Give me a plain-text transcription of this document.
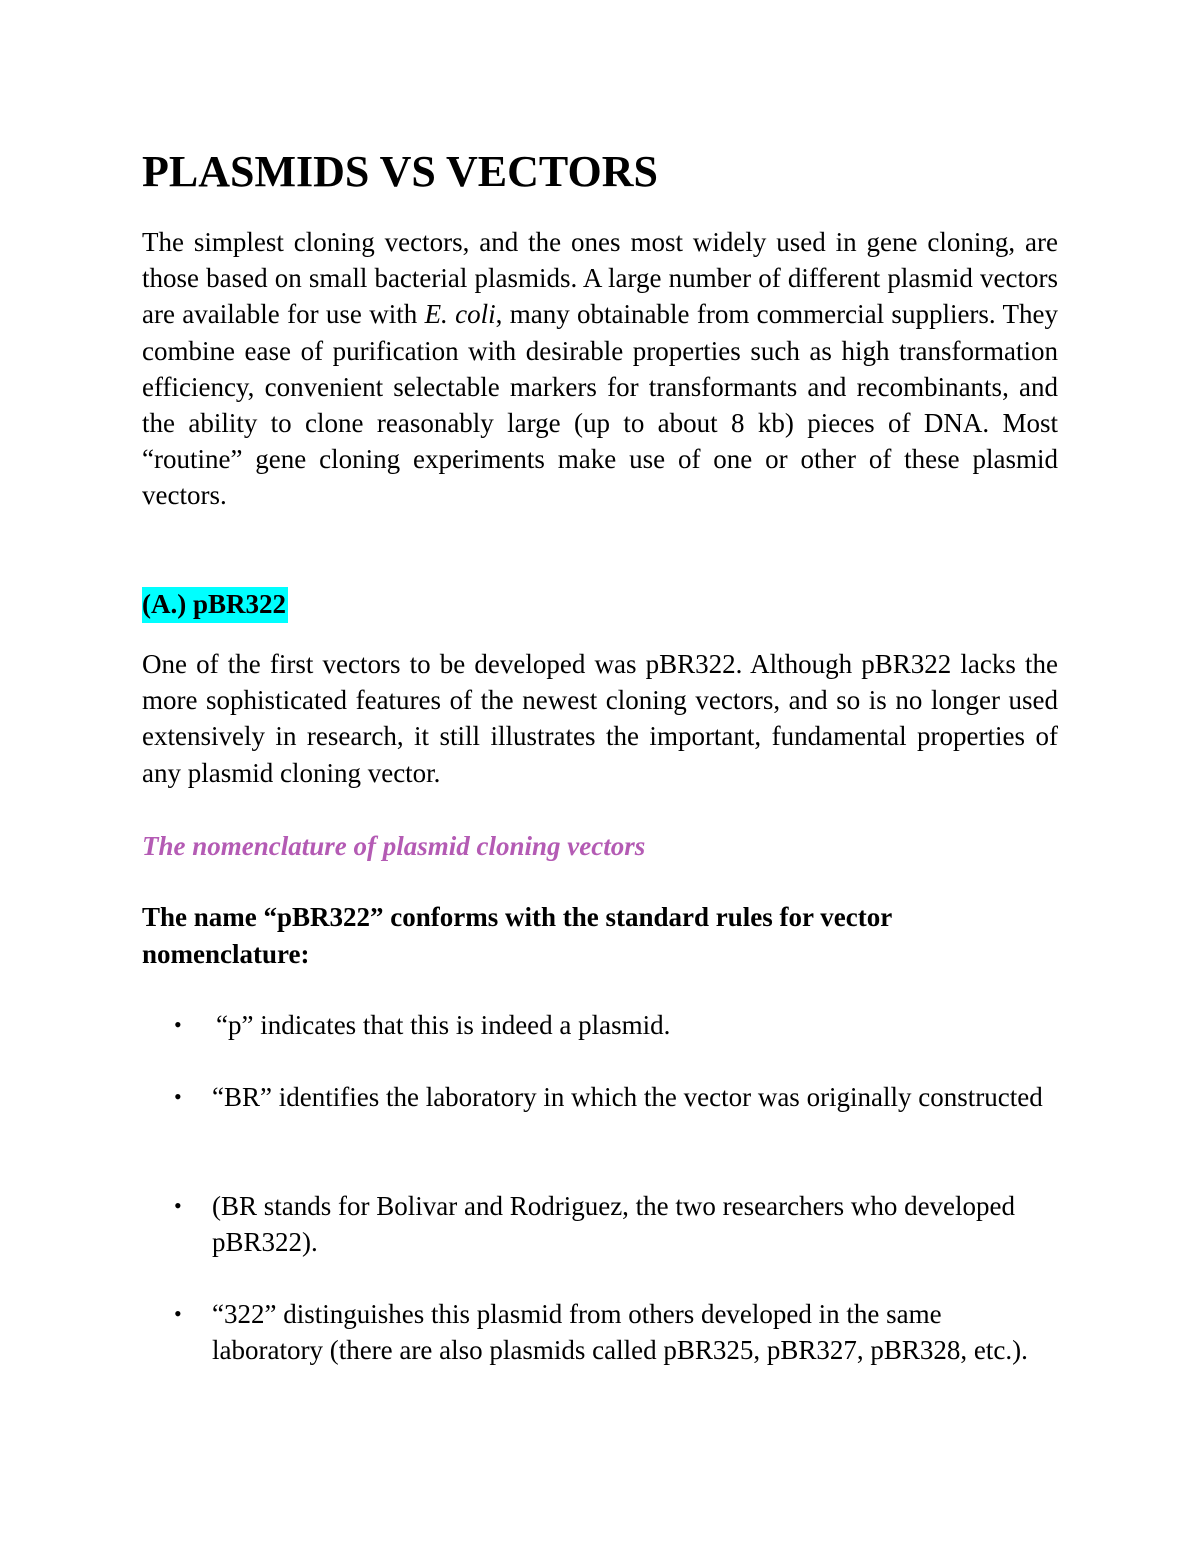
PLASMIDS VS VECTORS

The simplest cloning vectors, and the ones most widely used in gene cloning, are those based on small bacterial plasmids. A large number of different plasmid vectors are available for use with E. coli, many obtainable from commercial suppliers. They combine ease of purification with desirable properties such as high transformation efficiency, convenient selectable markers for transformants and recombinants, and the ability to clone reasonably large (up to about 8 kb) pieces of DNA. Most “routine” gene cloning experiments make use of one or other of these plasmid vectors.

(A.) pBR322

One of the first vectors to be developed was pBR322. Although pBR322 lacks the more sophisticated features of the newest cloning vectors, and so is no longer used extensively in research, it still illustrates the important, fundamental properties of any plasmid cloning vector.

The nomenclature of plasmid cloning vectors

The name “pBR322” conforms with the standard rules for vector nomenclature:

• “p” indicates that this is indeed a plasmid.
• “BR” identifies the laboratory in which the vector was originally constructed
• (BR stands for Bolivar and Rodriguez, the two researchers who developed pBR322).
• “322” distinguishes this plasmid from others developed in the same laboratory (there are also plasmids called pBR325, pBR327, pBR328, etc.).
